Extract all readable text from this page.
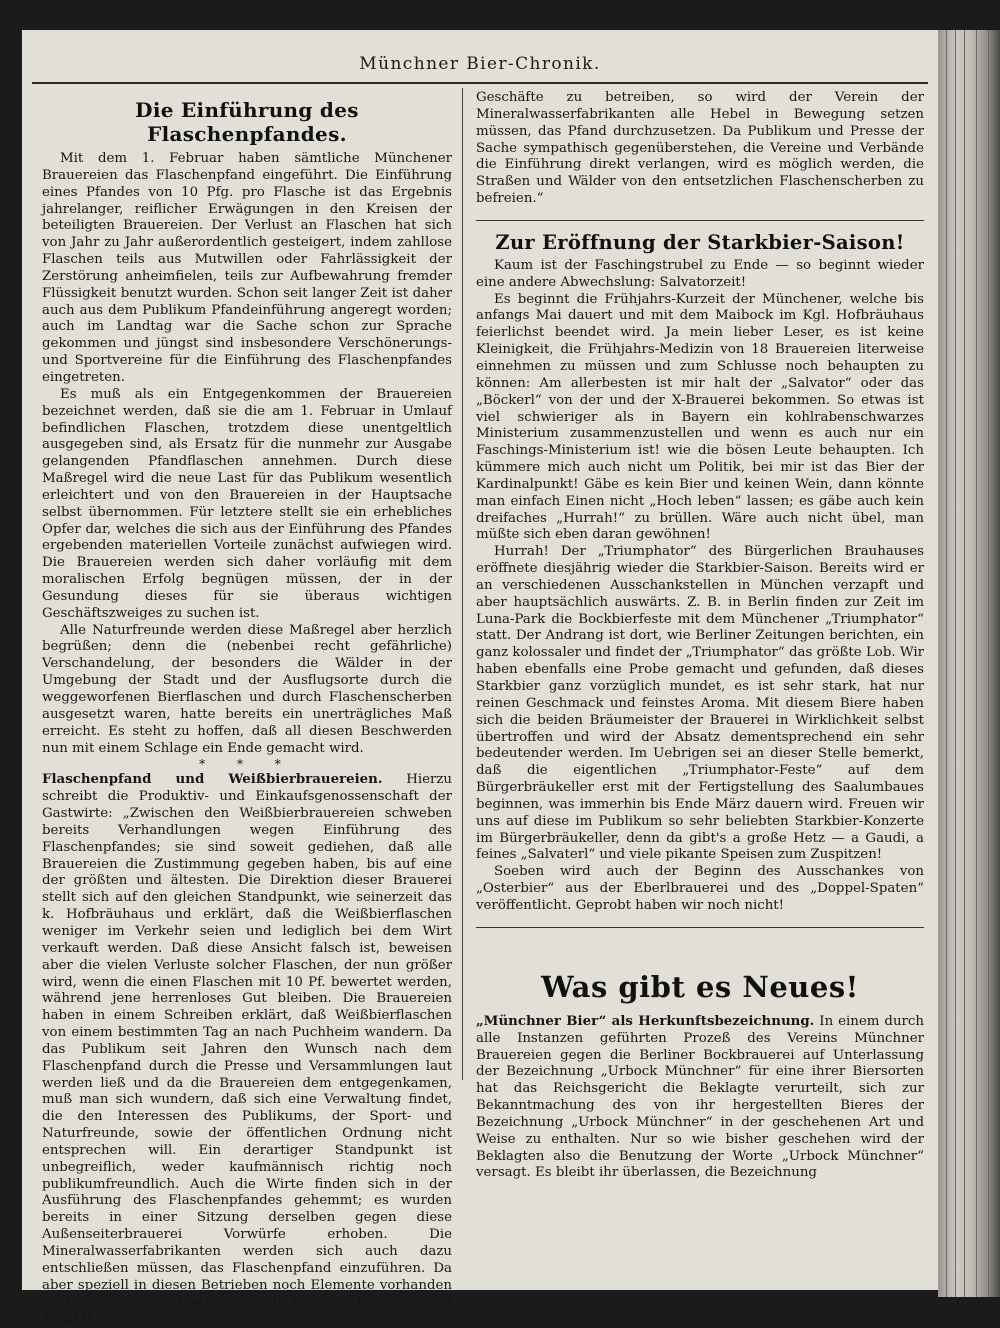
Münchner Bier-Chronik.
Die Einführung des Flaschenpfandes.

Mit dem 1. Februar haben sämtliche Münchener Brauereien das Flaschenpfand eingeführt. Die Einführung eines Pfandes von 10 Pfg. pro Flasche ist das Ergebnis jahrelanger, reiflicher Erwägungen in den Kreisen der beteiligten Brauereien. Der Verlust an Flaschen hat sich von Jahr zu Jahr außerordentlich gesteigert, indem zahllose Flaschen teils aus Mutwillen oder Fahrlässigkeit der Zerstörung anheimfielen, teils zur Aufbewahrung fremder Flüssigkeit benutzt wurden. Schon seit langer Zeit ist daher auch aus dem Publikum Pfandeinführung angeregt worden; auch im Landtag war die Sache schon zur Sprache gekommen und jüngst sind insbesondere Verschönerungs- und Sportvereine für die Einführung des Flaschenpfandes eingetreten.

Es muß als ein Entgegenkommen der Brauereien bezeichnet werden, daß sie die am 1. Februar in Umlauf befindlichen Flaschen, trotzdem diese unentgeltlich ausgegeben sind, als Ersatz für die nunmehr zur Ausgabe gelangenden Pfandflaschen annehmen. Durch diese Maßregel wird die neue Last für das Publikum wesentlich erleichtert und von den Brauereien in der Hauptsache selbst übernommen. Für letztere stellt sie ein erhebliches Opfer dar, welches die sich aus der Einführung des Pfandes ergebenden materiellen Vorteile zunächst aufwiegen wird. Die Brauereien werden sich daher vorläufig mit dem moralischen Erfolg begnügen müssen, der in der Gesundung dieses für sie überaus wichtigen Geschäftszweiges zu suchen ist.

Alle Naturfreunde werden diese Maßregel aber herzlich begrüßen; denn die (nebenbei recht gefährliche) Verschandelung, der besonders die Wälder in der Umgebung der Stadt und der Ausflugsorte durch die weggeworfenen Bierflaschen und durch Flaschenscherben ausgesetzt waren, hatte bereits ein unerträgliches Maß erreicht. Es steht zu hoffen, daß all diesen Beschwerden nun mit einem Schlage ein Ende gemacht wird.

* * *

Flaschenpfand und Weißbierbrauereien. Hierzu schreibt die Produktiv- und Einkaufsgenossenschaft der Gastwirte: „Zwischen den Weißbierbrauereien schweben bereits Verhandlungen wegen Einführung des Flaschenpfandes; sie sind soweit gediehen, daß alle Brauereien die Zustimmung gegeben haben, bis auf eine der größten und ältesten. Die Direktion dieser Brauerei stellt sich auf den gleichen Standpunkt, wie seinerzeit das k. Hofbräuhaus und erklärt, daß die Weißbierflaschen weniger im Verkehr seien und lediglich bei dem Wirt verkauft werden. Daß diese Ansicht falsch ist, beweisen aber die vielen Verluste solcher Flaschen, der nun größer wird, wenn die einen Flaschen mit 10 Pf. bewertet werden, während jene herrenloses Gut bleiben. Die Brauereien haben in einem Schreiben erklärt, daß Weißbierflaschen von einem bestimmten Tag an nach Puchheim wandern. Da das Publikum seit Jahren den Wunsch nach dem Flaschenpfand durch die Presse und Versammlungen laut werden ließ und da die Brauereien dem entgegenkamen, muß man sich wundern, daß sich eine Verwaltung findet, die den Interessen des Publikums, der Sport- und Naturfreunde, sowie der öffentlichen Ordnung nicht entsprechen will. Ein derartiger Standpunkt ist unbegreiflich, weder kaufmännisch richtig noch publikumfreundlich. Auch die Wirte finden sich in der Ausführung des Flaschenpfandes gehemmt; es wurden bereits in einer Sitzung derselben gegen diese Außenseiterbrauerei Vorwürfe erhoben. Die Mineralwasserfabrikanten werden sich auch dazu entschließen müssen, das Flaschenpfand einzuführen. Da aber speziell in diesen Betrieben noch Elemente vorhanden sind, die sich nicht scheuen, mit fremden Flaschen und Tragl ihre

Geschäfte zu betreiben, so wird der Verein der Mineralwasserfabrikanten alle Hebel in Bewegung setzen müssen, das Pfand durchzusetzen. Da Publikum und Presse der Sache sympathisch gegenüberstehen, die Vereine und Verbände die Einführung direkt verlangen, wird es möglich werden, die Straßen und Wälder von den entsetzlichen Flaschenscherben zu befreien.“

Zur Eröffnung der Starkbier-Saison!

Kaum ist der Faschingstrubel zu Ende — so beginnt wieder eine andere Abwechslung: Salvatorzeit!

Es beginnt die Frühjahrs-Kurzeit der Münchener, welche bis anfangs Mai dauert und mit dem Maibock im Kgl. Hofbräuhaus feierlichst beendet wird. Ja mein lieber Leser, es ist keine Kleinigkeit, die Frühjahrs-Medizin von 18 Brauereien literweise einnehmen zu müssen und zum Schlusse noch behaupten zu können: Am allerbesten ist mir halt der „Salvator“ oder das „Böckerl“ von der und der X-Brauerei bekommen. So etwas ist viel schwieriger als in Bayern ein kohlrabenschwarzes Ministerium zusammenzustellen und wenn es auch nur ein Faschings-Ministerium ist! wie die bösen Leute behaupten. Ich kümmere mich auch nicht um Politik, bei mir ist das Bier der Kardinalpunkt! Gäbe es kein Bier und keinen Wein, dann könnte man einfach Einen nicht „Hoch leben“ lassen; es gäbe auch kein dreifaches „Hurrah!“ zu brüllen. Wäre auch nicht übel, man müßte sich eben daran gewöhnen!

Hurrah! Der „Triumphator“ des Bürgerlichen Brauhauses eröffnete diesjährig wieder die Starkbier-Saison. Bereits wird er an verschiedenen Ausschankstellen in München verzapft und aber hauptsächlich auswärts. Z. B. in Berlin finden zur Zeit im Luna-Park die Bockbierfeste mit dem Münchener „Triumphator“ statt. Der Andrang ist dort, wie Berliner Zeitungen berichten, ein ganz kolossaler und findet der „Triumphator“ das größte Lob. Wir haben ebenfalls eine Probe gemacht und gefunden, daß dieses Starkbier ganz vorzüglich mundet, es ist sehr stark, hat nur reinen Geschmack und feinstes Aroma. Mit diesem Biere haben sich die beiden Bräumeister der Brauerei in Wirklichkeit selbst übertroffen und wird der Absatz dementsprechend ein sehr bedeutender werden. Im Uebrigen sei an dieser Stelle bemerkt, daß die eigentlichen „Triumphator-Feste“ auf dem Bürgerbräukeller erst mit der Fertigstellung des Saalumbaues beginnen, was immerhin bis Ende März dauern wird. Freuen wir uns auf diese im Publikum so sehr beliebten Starkbier-Konzerte im Bürgerbräukeller, denn da gibt's a große Hetz — a Gaudi, a feines „Salvaterl“ und viele pikante Speisen zum Zuspitzen!

Soeben wird auch der Beginn des Ausschankes von „Osterbier“ aus der Eberlbrauerei und des „Doppel-Spaten“ veröffentlicht. Geprobt haben wir noch nicht!

Was gibt es Neues!

„Münchner Bier“ als Herkunftsbezeichnung. In einem durch alle Instanzen geführten Prozeß des Vereins Münchner Brauereien gegen die Berliner Bockbrauerei auf Unterlassung der Bezeichnung „Urbock Münchner“ für eine ihrer Biersorten hat das Reichsgericht die Beklagte verurteilt, sich zur Bekanntmachung des von ihr hergestellten Bieres der Bezeichnung „Urbock Münchner“ in der geschehenen Art und Weise zu enthalten. Nur so wie bisher geschehen wird der Beklagten also die Benutzung der Worte „Urbock Münchner“ versagt. Es bleibt ihr überlassen, die Bezeichnung
